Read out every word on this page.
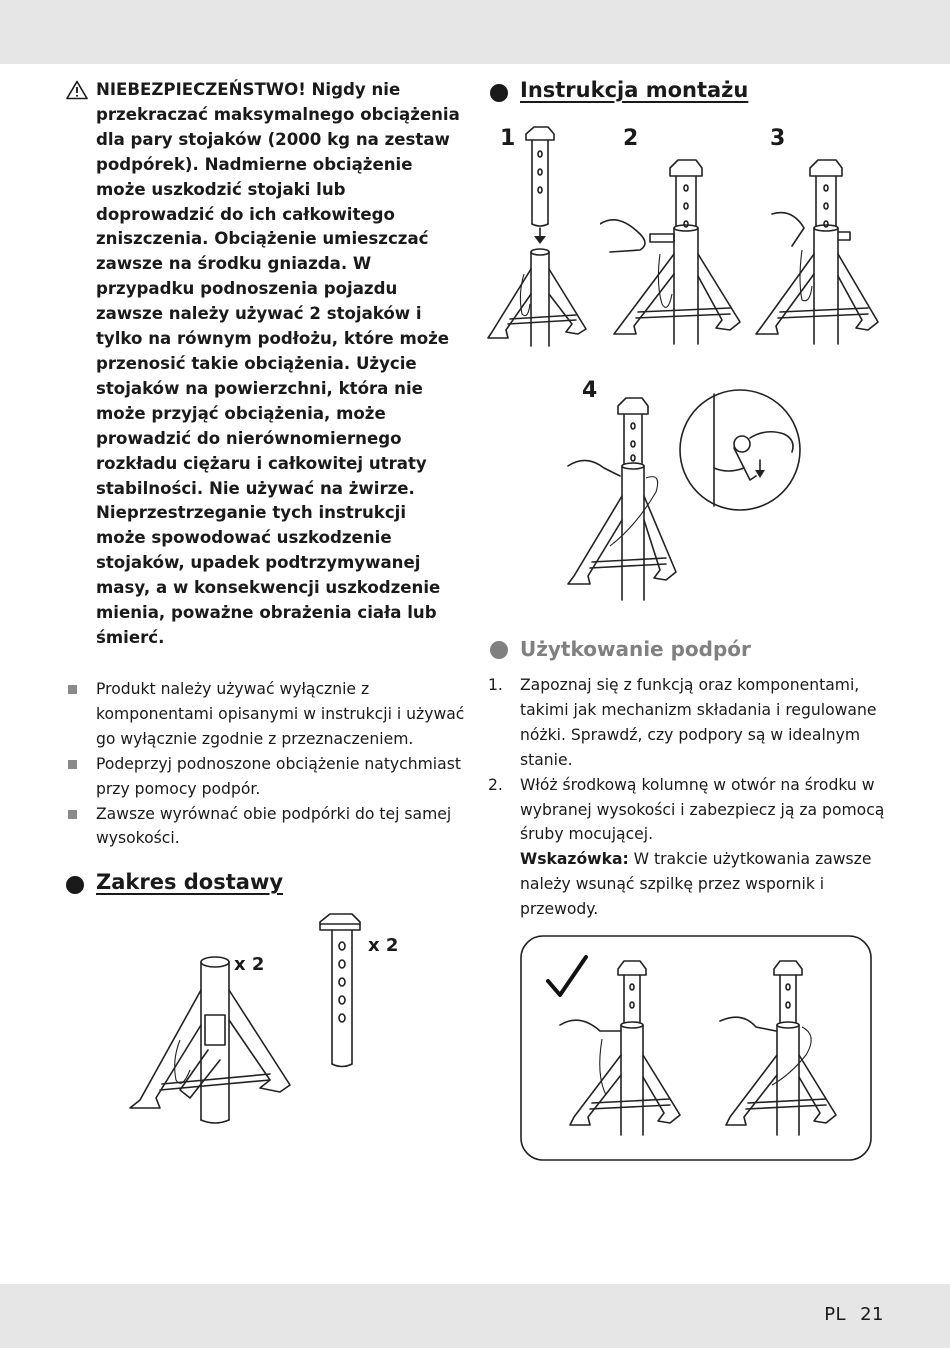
NIEBEZPIECZEŃSTWO! Nigdy nie przekraczać maksymalnego obciążenia dla pary stojaków (2000 kg na zestaw podpórek). Nadmierne obciążenie może uszkodzić stojaki lub doprowadzić do ich całkowitego zniszczenia. Obciążenie umieszczać zawsze na środku gniazda. W przypadku podnoszenia pojazdu zawsze należy używać 2 stojaków i tylko na równym podłożu, które może przenosić takie obciążenia. Użycie stojaków na powierzchni, która nie może przyjąć obciążenia, może prowadzić do nierównomiernego rozkładu ciężaru i całkowitej utraty stabilności. Nie używać na żwirze. Nieprzestrzeganie tych instrukcji może spowodować uszkodzenie stojaków, upadek podtrzymywanej masy, a w konsekwencji uszkodzenie mienia, poważne obrażenia ciała lub śmierć.
Produkt należy używać wyłącznie z komponentami opisanymi w instrukcji i używać go wyłącznie zgodnie z przeznaczeniem.
Podeprzyj podnoszone obciążenie natychmiast przy pomocy podpór.
Zawsze wyrównać obie podpórki do tej samej wysokości.
Zakres dostawy
x 2
x 2
Instrukcja montażu
1	2	3
4
Użytkowanie podpór
1. Zapoznaj się z funkcją oraz komponentami, takimi jak mechanizm składania i regulowane nóżki. Sprawdź, czy podpory są w idealnym stanie.
2. Włóż środkową kolumnę w otwór na środku w wybranej wysokości i zabezpiecz ją za pomocą śruby mocującej.
Wskazówka: W trakcie użytkowania zawsze należy wsunąć szpilkę przez wspornik i przewody.
PL 21
